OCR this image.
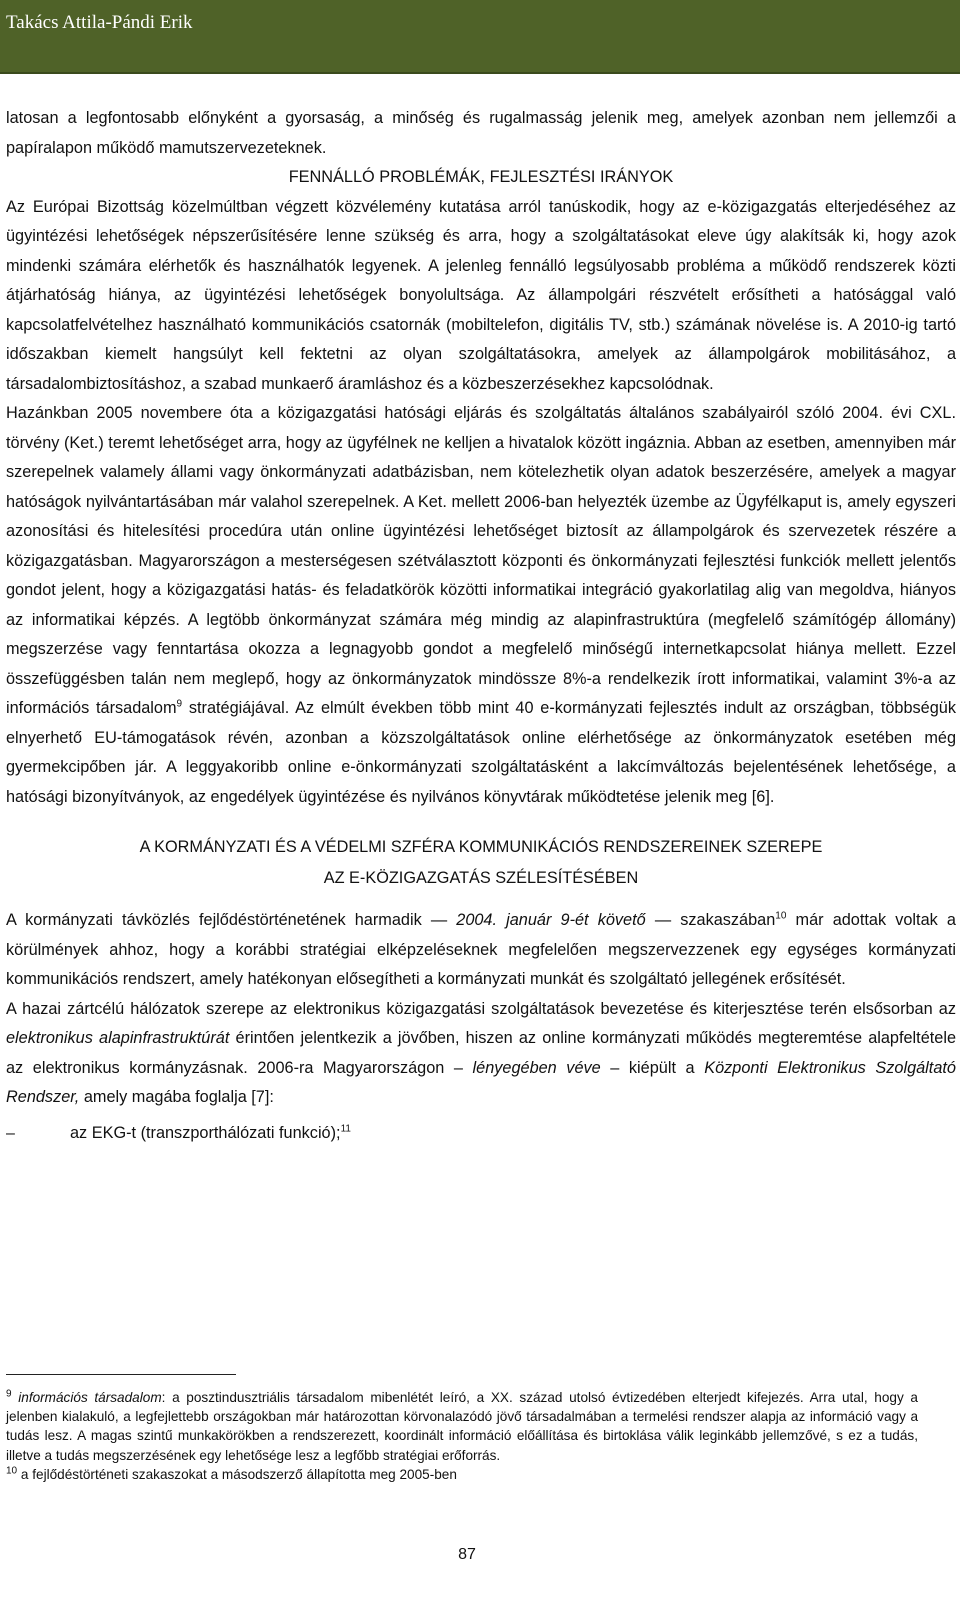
Takács Attila-Pándi Erik

latosan a legfontosabb előnyként a gyorsaság, a minőség és rugalmasság jelenik meg, amelyek azonban nem jellemzői a papíralapon működő mamutszervezeteknek.

FENNÁLLÓ PROBLÉMÁK, FEJLESZTÉSI IRÁNYOK

Az Európai Bizottság közelmúltban végzett közvélemény kutatása arról tanúskodik, hogy az e-közigazgatás elterjedéséhez az ügyintézési lehetőségek népszerűsítésére lenne szükség és arra, hogy a szolgáltatásokat eleve úgy alakítsák ki, hogy azok mindenki számára elérhetők és használhatók legyenek. A jelenleg fennálló legsúlyosabb probléma a működő rendszerek közti átjárhatóság hiánya, az ügyintézési lehetőségek bonyolultsága. Az állampolgári részvételt erősítheti a hatósággal való kapcsolatfelvételhez használható kommunikációs csatornák (mobiltelefon, digitális TV, stb.) számának növelése is. A 2010-ig tartó időszakban kiemelt hangsúlyt kell fektetni az olyan szolgáltatásokra, amelyek az állampolgárok mobilitásához, a társadalombiztosításhoz, a szabad munkaerő áramláshoz és a közbeszerzésekhez kapcsolódnak.

Hazánkban 2005 novembere óta a közigazgatási hatósági eljárás és szolgáltatás általános szabályairól szóló 2004. évi CXL. törvény (Ket.) teremt lehetőséget arra, hogy az ügyfélnek ne kelljen a hivatalok között ingáznia. Abban az esetben, amennyiben már szerepelnek valamely állami vagy önkormányzati adatbázisban, nem kötelezhetik olyan adatok beszerzésére, amelyek a magyar hatóságok nyilvántartásában már valahol szerepelnek. A Ket. mellett 2006-ban helyezték üzembe az Ügyfélkaput is, amely egyszeri azonosítási és hitelesítési procedúra után online ügyintézési lehetőséget biztosít az állampolgárok és szervezetek részére a közigazgatásban. Magyarországon a mesterségesen szétválasztott központi és önkormányzati fejlesztési funkciók mellett jelentős gondot jelent, hogy a közigazgatási hatás- és feladatkörök közötti informatikai integráció gyakorlatilag alig van megoldva, hiányos az informatikai képzés. A legtöbb önkormányzat számára még mindig az alapinfrastruktúra (megfelelő számítógép állomány) megszerzése vagy fenntartása okozza a legnagyobb gondot a megfelelő minőségű internetkapcsolat hiánya mellett. Ezzel összefüggésben talán nem meglepő, hogy az önkormányzatok mindössze 8%-a rendelkezik írott informatikai, valamint 3%-a az információs társadalom$^9$ stratégiájával. Az elmúlt években több mint 40 e-kormányzati fejlesztés indult az országban, többségük elnyerhető EU-támogatások révén, azonban a közszolgáltatások online elérhetősége az önkormányzatok esetében még gyermekcipőben jár. A leggyakoribb online e-önkormányzati szolgáltatásként a lakcímváltozás bejelentésének lehetősége, a hatósági bizonyítványok, az engedélyek ügyintézése és nyilvános könyvtárak működtetése jelenik meg [6].

A KORMÁNYZATI ÉS A VÉDELMI SZFÉRA KOMMUNIKÁCIÓS RENDSZEREINEK SZEREPE
AZ E-KÖZIGAZGATÁS SZÉLESÍTÉSÉBEN

A kormányzati távközlés fejlődéstörténetének harmadik — 2004. január 9-ét követő — szakaszában$^{10}$ már adottak voltak a körülmények ahhoz, hogy a korábbi stratégiai elképzeléseknek megfelelően megszervezzenek egy egységes kormányzati kommunikációs rendszert, amely hatékonyan elősegítheti a kormányzati munkát és szolgáltató jellegének erősítését.

A hazai zártcélú hálózatok szerepe az elektronikus közigazgatási szolgáltatások bevezetése és kiterjesztése terén elsősorban az elektronikus alapinfrastruktúrát érintően jelentkezik a jövőben, hiszen az online kormányzati működés megteremtése alapfeltétele az elektronikus kormányzásnak. 2006-ra Magyarországon – lényegében véve – kiépült a Központi Elektronikus Szolgáltató Rendszer, amely magába foglalja [7]:

–	az EKG-t (transzporthálózati funkció);$^{11}$

$^9$ információs társadalom: a posztindusztriális társadalom mibenlétét leíró, a XX. század utolsó évtizedében elterjedt kifejezés. Arra utal, hogy a jelenben kialakuló, a legfejlettebb országokban már határozottan körvonalazódó jövő társadalmában a termelési rendszer alapja az információ vagy a tudás lesz. A magas szintű munkakörökben a rendszerezett, koordinált információ előállítása és birtoklása válik leginkább jellemzővé, s ez a tudás, illetve a tudás megszerzésének egy lehetősége lesz a legfőbb stratégiai erőforrás.

$^{10}$ a fejlődéstörténeti szakaszokat a másodszerző állapította meg 2005-ben

87
